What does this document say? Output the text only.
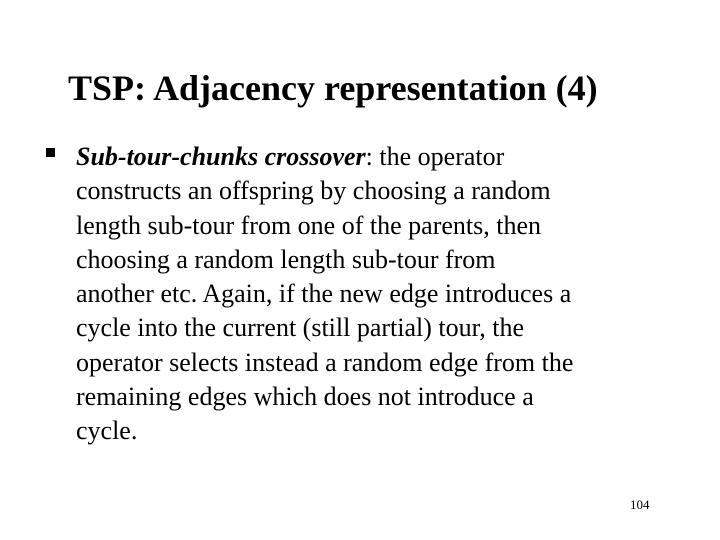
TSP: Adjacency representation (4)
Sub-tour-chunks crossover: the operator
constructs an offspring by choosing a random
length sub-tour from one of the parents, then
choosing a random length sub-tour from
another etc. Again, if the new edge introduces a
cycle into the current (still partial) tour, the
operator selects instead a random edge from the
remaining edges which does not introduce a
cycle.
104
